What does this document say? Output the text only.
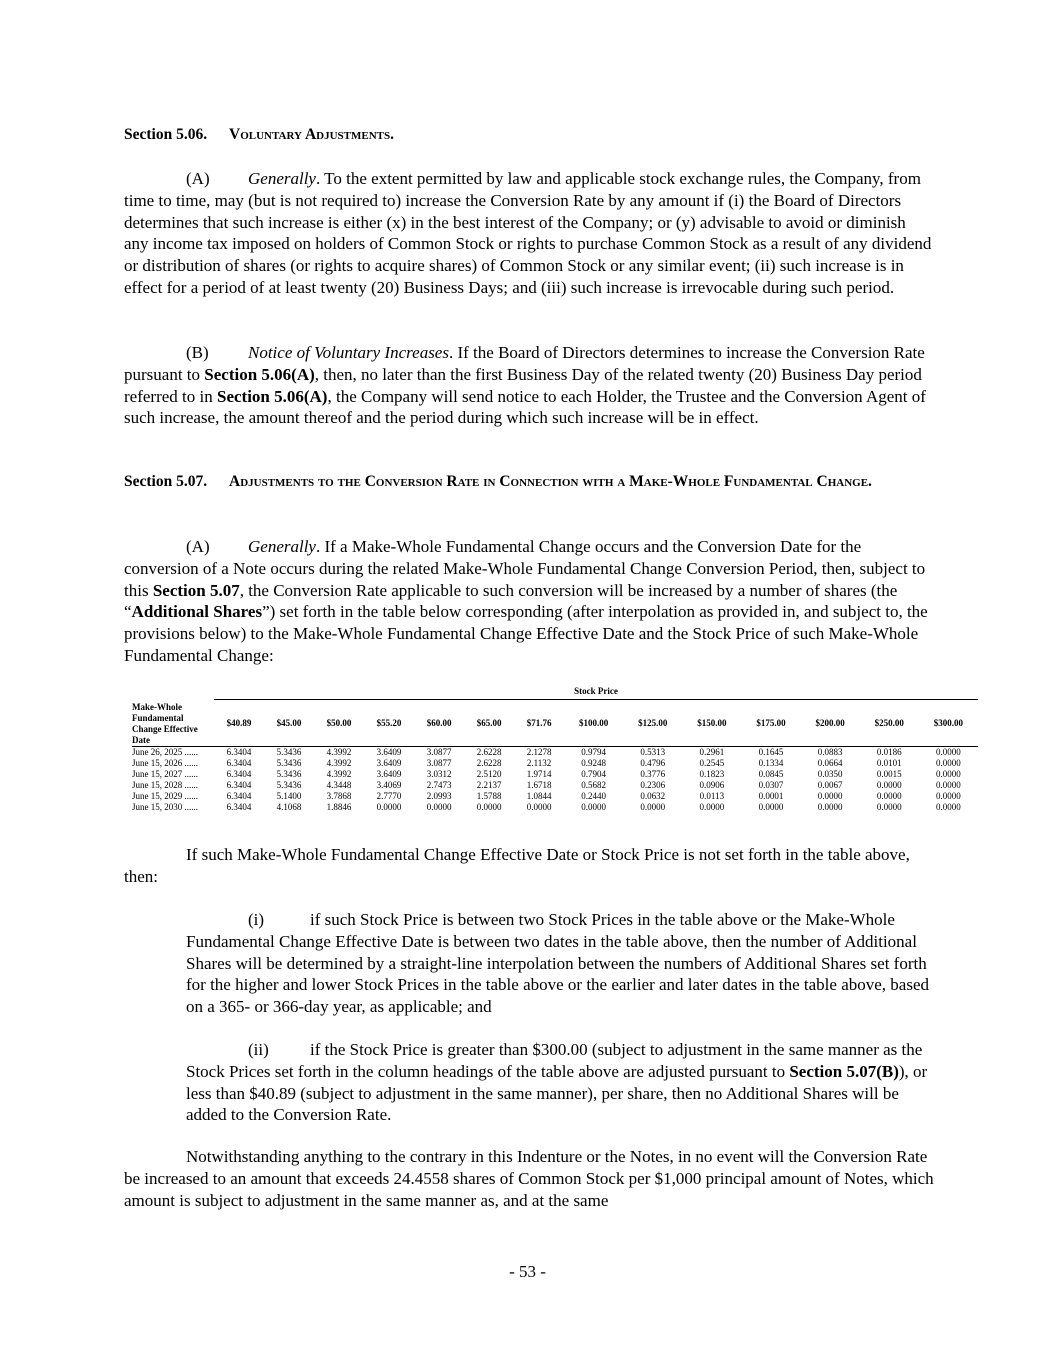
Section 5.06. Voluntary Adjustments.

(A) Generally. To the extent permitted by law and applicable stock exchange rules, the Company, from time to time, may (but is not required to) increase the Conversion Rate by any amount if (i) the Board of Directors determines that such increase is either (x) in the best interest of the Company; or (y) advisable to avoid or diminish any income tax imposed on holders of Common Stock or rights to purchase Common Stock as a result of any dividend or distribution of shares (or rights to acquire shares) of Common Stock or any similar event; (ii) such increase is in effect for a period of at least twenty (20) Business Days; and (iii) such increase is irrevocable during such period.

(B) Notice of Voluntary Increases. If the Board of Directors determines to increase the Conversion Rate pursuant to Section 5.06(A), then, no later than the first Business Day of the related twenty (20) Business Day period referred to in Section 5.06(A), the Company will send notice to each Holder, the Trustee and the Conversion Agent of such increase, the amount thereof and the period during which such increase will be in effect.

Section 5.07. Adjustments to the Conversion Rate in Connection with a Make-Whole Fundamental Change.

(A) Generally. If a Make-Whole Fundamental Change occurs and the Conversion Date for the conversion of a Note occurs during the related Make-Whole Fundamental Change Conversion Period, then, subject to this Section 5.07, the Conversion Rate applicable to such conversion will be increased by a number of shares (the “Additional Shares”) set forth in the table below corresponding (after interpolation as provided in, and subject to, the provisions below) to the Make-Whole Fundamental Change Effective Date and the Stock Price of such Make-Whole Fundamental Change:

	Stock Price													

Make-Whole
Fundamental
Change Effective
Date	$40.89	$45.00	$50.00	$55.20	$60.00	$65.00	$71.76	$100.00	$125.00	$150.00	$175.00	$200.00	$250.00	$300.00
June 26, 2025 ......	6.3404	5.3436	4.3992	3.6409	3.0877	2.6228	2.1278	0.9794	0.5313	0.2961	0.1645	0.0883	0.0186	0.0000
June 15, 2026 ......	6.3404	5.3436	4.3992	3.6409	3.0877	2.6228	2.1132	0.9248	0.4796	0.2545	0.1334	0.0664	0.0101	0.0000
June 15, 2027 ......	6.3404	5.3436	4.3992	3.6409	3.0312	2.5120	1.9714	0.7904	0.3776	0.1823	0.0845	0.0350	0.0015	0.0000
June 15, 2028 ......	6.3404	5.3436	4.3448	3.4069	2.7473	2.2137	1.6718	0.5682	0.2306	0.0906	0.0307	0.0067	0.0000	0.0000
June 15, 2029 ......	6.3404	5.1400	3.7868	2.7770	2.0993	1.5788	1.0844	0.2440	0.0632	0.0113	0.0001	0.0000	0.0000	0.0000
June 15, 2030 ......	6.3404	4.1068	1.8846	0.0000	0.0000	0.0000	0.0000	0.0000	0.0000	0.0000	0.0000	0.0000	0.0000	0.0000

If such Make-Whole Fundamental Change Effective Date or Stock Price is not set forth in the table above, then:

(i)	if such Stock Price is between two Stock Prices in the table above or the Make-Whole Fundamental Change Effective Date is between two dates in the table above, then the number of Additional Shares will be determined by a straight-line interpolation between the numbers of Additional Shares set forth for the higher and lower Stock Prices in the table above or the earlier and later dates in the table above, based on a 365- or 366-day year, as applicable; and

(ii) if the Stock Price is greater than $300.00 (subject to adjustment in the same manner as the Stock Prices set forth in the column headings of the table above are adjusted pursuant to Section 5.07(B)), or less than $40.89 (subject to adjustment in the same manner), per share, then no Additional Shares will be added to the Conversion Rate.

Notwithstanding anything to the contrary in this Indenture or the Notes, in no event will the Conversion Rate be increased to an amount that exceeds 24.4558 shares of Common Stock per $1,000 principal amount of Notes, which amount is subject to adjustment in the same manner as, and at the same

- 53 -
